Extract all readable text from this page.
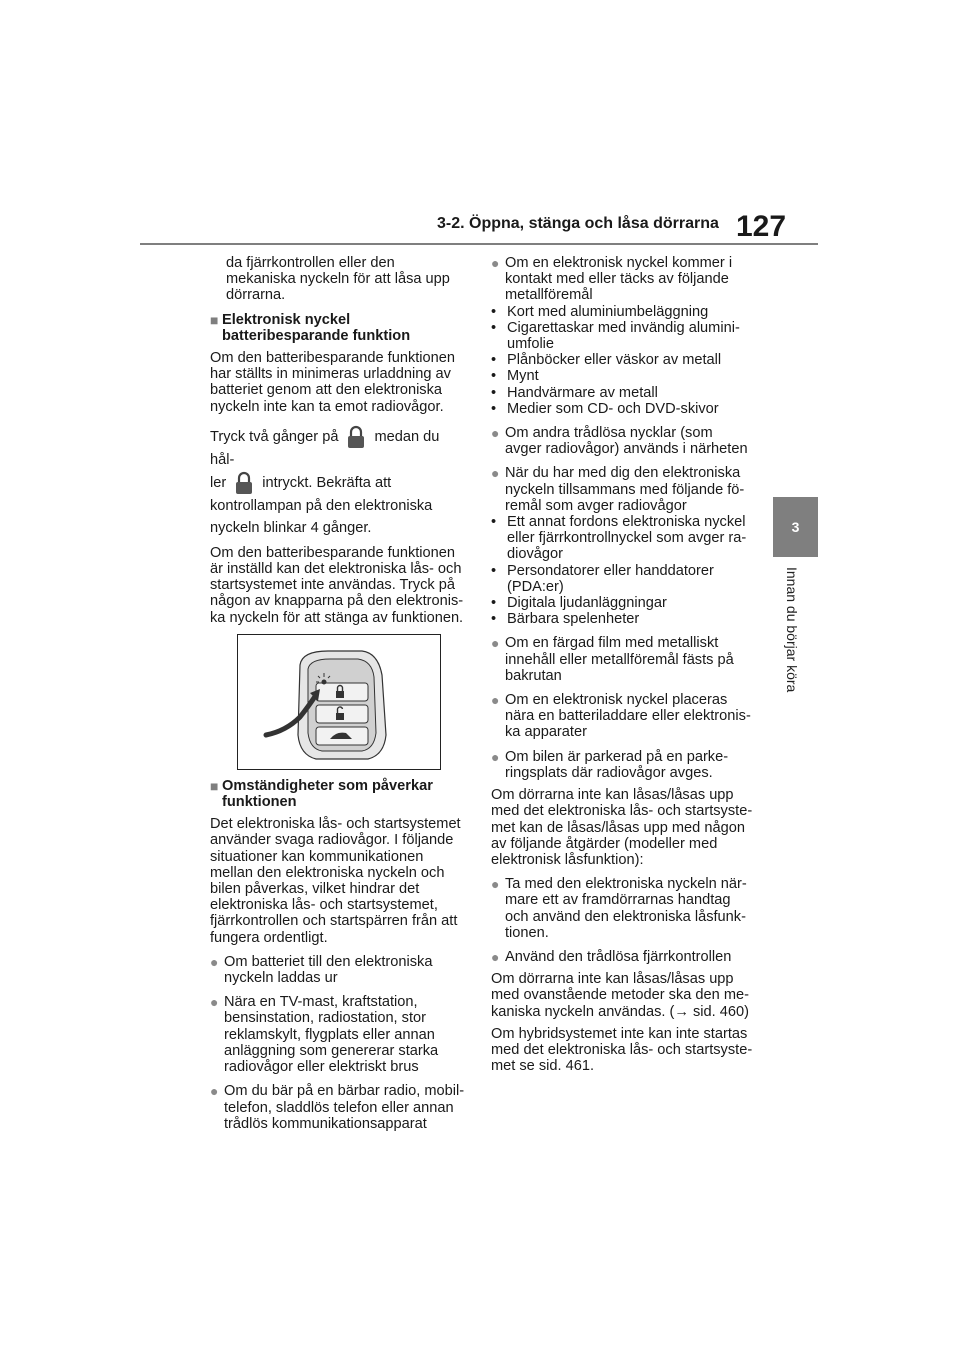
127
3-2. Öppna, stänga och låsa dörrarna
3
Innan du börjar köra

da fjärrkontrollen eller den mekaniska nyckeln för att låsa upp dörrarna.

■ Elektronisk nyckel batteribesparande funktion

Om den batteribesparande funktionen har ställts in minimeras urladdning av batteriet genom att den elektroniska nyckeln inte kan ta emot radiovågor.

Tryck två gånger på medan du hål-
ler intryckt. Bekräfta att kontrollampan på den elektroniska nyckeln blinkar 4 gånger.

Om den batteribesparande funktionen är inställd kan det elektroniska lås- och startsystemet inte användas. Tryck på någon av knapparna på den elektroniska nyckeln för att stänga av funktionen.

■ Omständigheter som påverkar funktionen

Det elektroniska lås- och startsystemet använder svaga radiovågor. I följande situationer kan kommunikationen mellan den elektroniska nyckeln och bilen påverkas, vilket hindrar det elektroniska lås- och startsystemet, fjärrkontrollen och startspärren från att fungera ordentligt.

● Om batteriet till den elektroniska nyckeln laddas ur
● Nära en TV-mast, kraftstation, bensinstation, radiostation, stor reklamskylt, flygplats eller annan anläggning som genererar starka radiovågor eller elektriskt brus
● Om du bär på en bärbar radio, mobiltelefon, sladdlös telefon eller annan trådlös kommunikationsapparat
● Om en elektronisk nyckel kommer i kontakt med eller täcks av följande metallföremål
• Kort med aluminiumbeläggning
• Cigarettaskar med invändig aluminiumfolie
• Plånböcker eller väskor av metall
• Mynt
• Handvärmare av metall
• Medier som CD- och DVD-skivor
● Om andra trådlösa nycklar (som avger radiovågor) används i närheten
● När du har med dig den elektroniska nyckeln tillsammans med följande föremål som avger radiovågor
• Ett annat fordons elektroniska nyckel eller fjärrkontrollnyckel som avger radiovågor
• Persondatorer eller handdatorer (PDA:er)
• Digitala ljudanläggningar
• Bärbara spelenheter
● Om en färgad film med metalliskt innehåll eller metallföremål fästs på bakrutan
● Om en elektronisk nyckel placeras nära en batteriladdare eller elektroniska apparater
● Om bilen är parkerad på en parkeringsplats där radiovågor avges.

Om dörrarna inte kan låsas/låsas upp med det elektroniska lås- och startsystemet kan de låsas/låsas upp med någon av följande åtgärder (modeller med elektronisk låsfunktion):

● Ta med den elektroniska nyckeln närmare ett av framdörrarnas handtag och använd den elektroniska låsfunktionen.
● Använd den trådlösa fjärrkontrollen

Om dörrarna inte kan låsas/låsas upp med ovanstående metoder ska den mekaniska nyckeln användas. (→ sid. 460)

Om hybridsystemet inte kan inte startas med det elektroniska lås- och startsystemet se sid. 461.
